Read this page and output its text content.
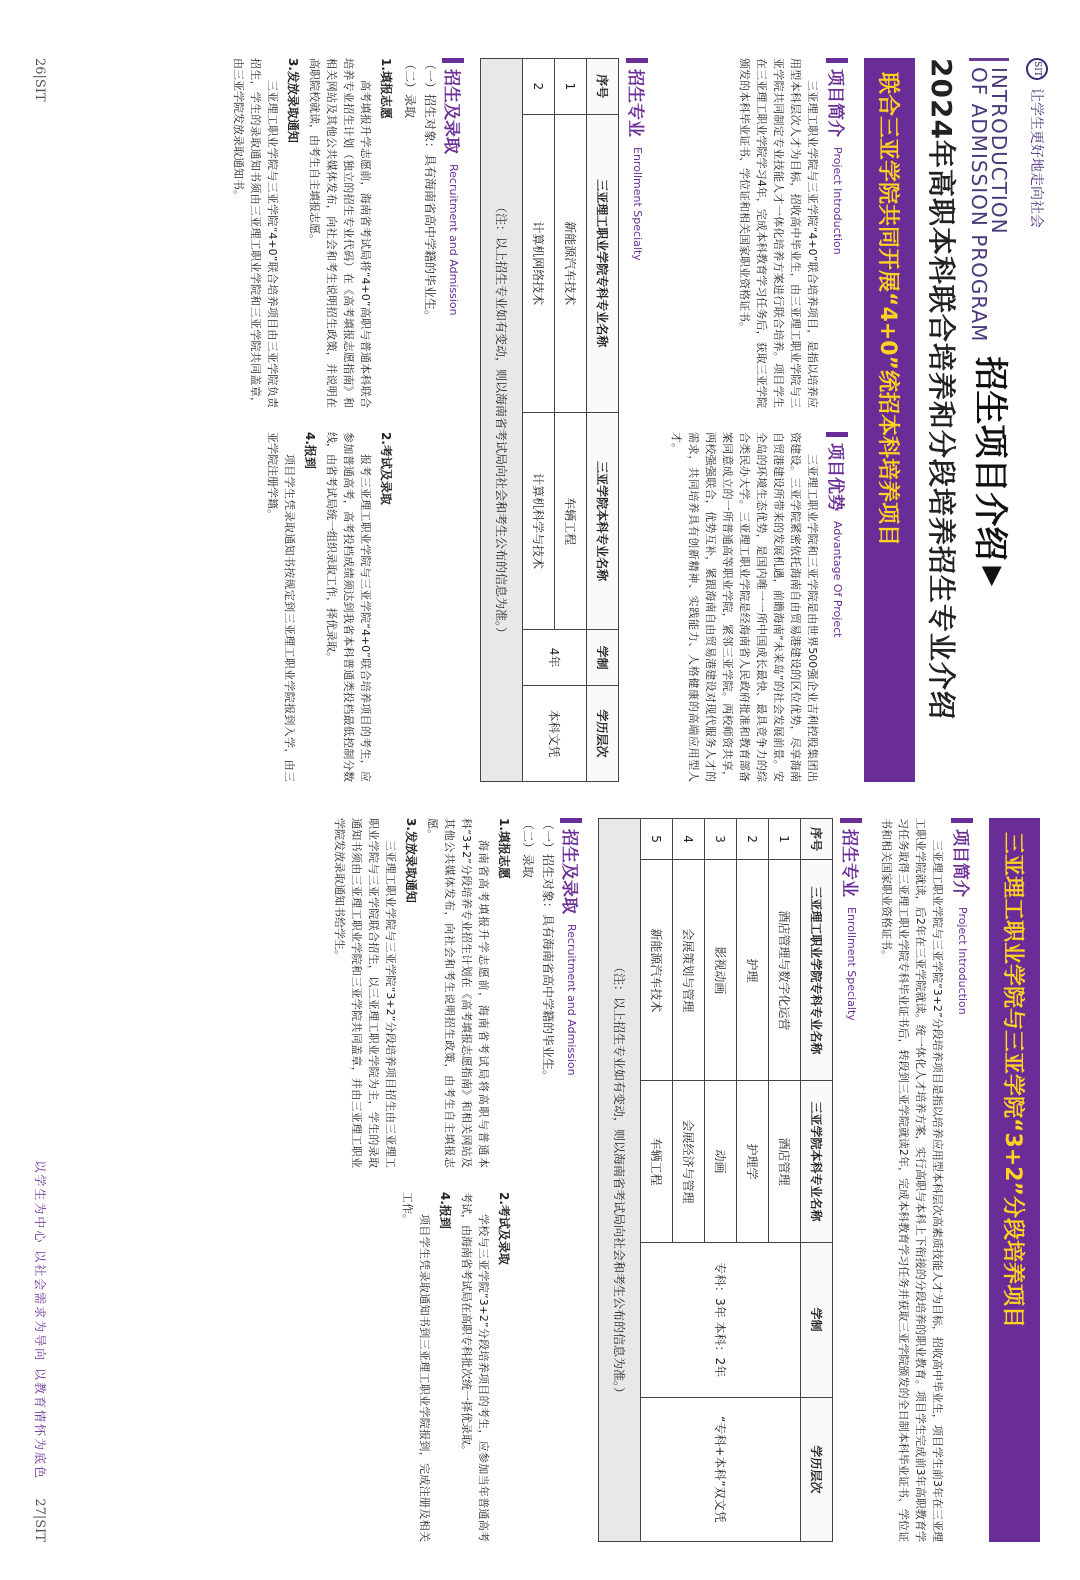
SIT
让学生更好地走向社会
INTRODUCTION
OF ADMISSION PROGRAM
招生项目介绍
▶
2024年高职本科联合培养和分段培养招生专业介绍
联合三亚学院共同开展“4+0”统招本科培养项目
项目简介
Project Introduction

三亚理工职业学院与三亚学院“4+0”联合培养项目，是指以培养应用型本科层次人才为目标，招收高中毕业生，由三亚理工职业学院与三亚学院共同制定专业技能人才一体化培养方案进行联合培养。项目学生在三亚理工职业学院学习4年，完成本科教育学习任务后，获取三亚学院颁发的本科毕业证书、学位证和相关国家职业资格证书。

项目优势
Advantage Of Project

三亚理工职业学院和三亚学院是由世界500强企业吉利控股集团出资建设。三亚学院紧密依托海南自由贸易港建设的区位优势，尽享海南自贸港建设所带来的发展机遇，前瞻海南“未来岛”的社会发展前景。安全岛的环境生态优势，是国内唯一一所中国成长最快、最具竞争力的综合类民办大学。三亚理工职业学院是经海南省人民政府批准和教育部备案同意成立的一所普通高等职业学院，紧邻三亚学院。两校师资共享，两校强强联合，优势互补，紧跟海南自由贸易港建设对现代服务人才的需求，共同培养具有创新精神、实践能力、人格健康的高端应用型人才。

招生专业
Enrollment Specialty
序号	三亚理工职业学院专科专业名称	三亚学院本科专业名称	学制	学历层次
1	新能源汽车技术	车辆工程	4年	本科文凭
2	计算机网络技术	计算机科学与技术		
（注：以上招生专业如有变动，则以海南省考试局向社会和考生公布的信息为准。）
招生及录取
Recruitment and Admission
（一）招生对象：具有海南省高中学籍的毕业生。
（二）录取
1.填报志愿

高考填报升学志愿前，海南省考试局将“4+0”高职与普通本科联合培养专业招生计划（独立的招生专业代码）在《高考填报志愿指南》和相关网站及其他公共媒体发布，向社会和考生说明招生政策，并说明在高职院校就读，由考生自主填报志愿。

3.发放录取通知

三亚理工职业学院与三亚学院“4+0”联合培养项目由三亚学院负责招生，学生的录取通知书须由三亚理工职业学院和三亚学院共同盖章，由三亚学院发放录取通知书。

2.考试及录取

报考三亚理工职业学院与三亚学院“4+0”联合培养项目的考生，应参加普通高考，高考投档成绩须达到我省本科普通类投档最低控制分数线，由省考试局统一组织录取工作，择优录取。

4.报到

项目学生凭录取通知书按规定到三亚理工职业学院报到入学，由三亚学院注册学籍。

26|SIT
三亚理工职业学院与三亚学院“3+2”分段培养项目
项目简介
Project Introduction

三亚理工职业学院与三亚学院“3+2”分段培养项目是指以培养应用型本科层次高素质技能人才为目标，招收高中毕业生，项目学生前3年在三亚理工职业学院就读，后2年在三亚学院就读。统一体化人才培养方案，实行高职与本科上下衔接的分段培养的职业教育。项目学生完成前3年高职教育学习任务取得三亚理工职业学院专科毕业证书后，转段到三亚学院就读2年，完成本科教育学习任务并获取三亚学院颁发的全日制本科毕业证书、学位证书和相关国家职业资格证书。

招生专业
Enrollment Specialty
序号	三亚理工职业学院专科专业名称	三亚学院本科专业名称	学制	学历层次
1	酒店管理与数字化运营	酒店管理	专科：3年 本科：2年	“专科+本科”双文凭
2	护理	护理学		
3	影视动画	动画		
4	会展策划与管理	会展经济与管理		
5	新能源汽车技术	车辆工程		
（注：以上招生专业如有变动，则以海南省考试局向社会和考生公布的信息为准。）
招生及录取
Recruitment and Admission
（一）招生对象：具有海南省高中学籍的毕业生。
（二）录取
1.填报志愿

海南省高考填报升学志愿前，海南省考试局将高职与普通本科“3+2”分段培养专业招生计划在《高考填报志愿指南》和相关网站及其他公共媒体发布，向社会和考生说明招生政策，由考生自主填报志愿。

3.发放录取通知

三亚理工职业学院与三亚学院“3+2”分段培养项目招生由三亚理工职业学院与三亚学院联合招生，以三亚理工职业学院为主，学生的录取通知书须由三亚理工职业学院和三亚学院共同盖章，并由三亚理工职业学院发放录取通知书给学生。

2.考试及录取

学校与三亚学院“3+2”分段培养项目的考生，应参加当年普通高考考试，由海南省考试局在高职专科批次统一择优录取。

4.报到

项目学生凭录取通知书到三亚理工职业学院报到，完成注册及相关工作。

以学生为中心 以社会需求为导向 以教育情怀为底色
27|SIT
